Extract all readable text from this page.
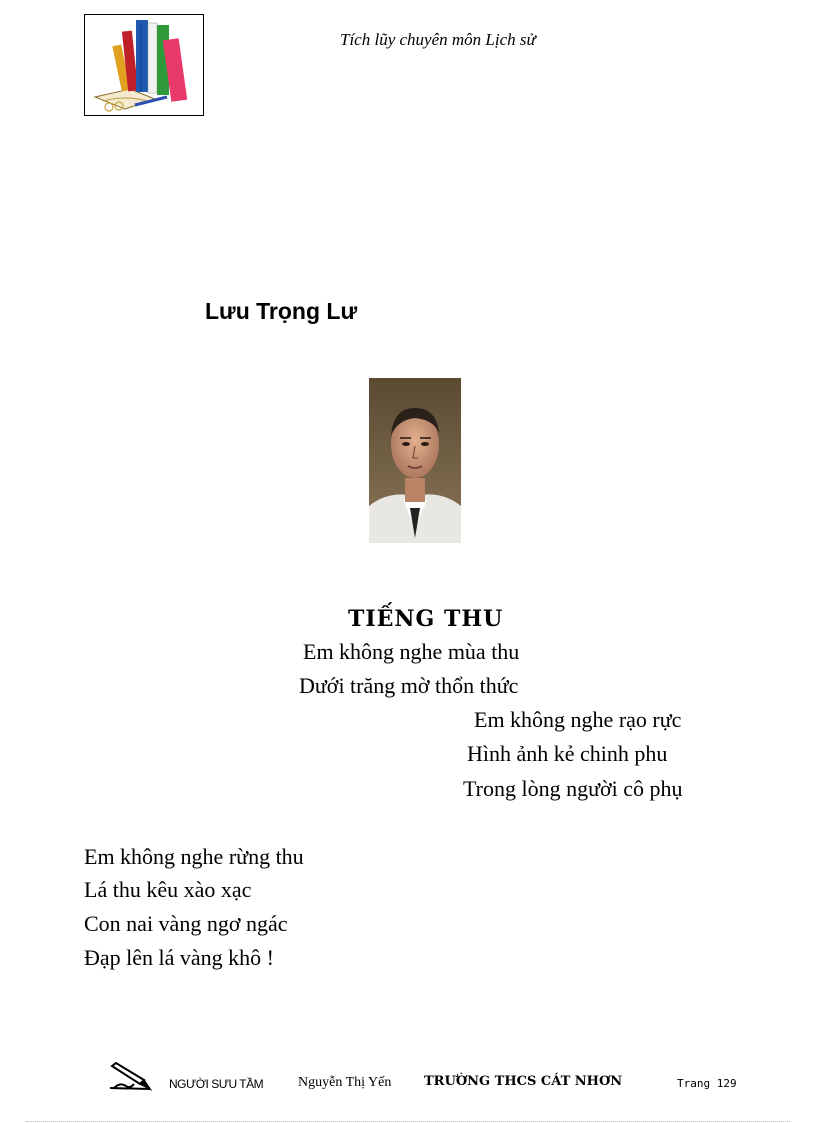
Tích lũy chuyên môn Lịch sử
Lưu Trọng Lư
TIẾNG THU
Em không nghe mùa thu
Dưới trăng mờ thổn thức
Em không nghe rạo rực
Hình ảnh kẻ chinh phu
Trong lòng người cô phụ
Em không nghe rừng thu
Lá thu kêu xào xạc
Con nai vàng ngơ ngác
Đạp lên lá vàng khô !
NGƯỜI SƯU TẦM Nguyễn Thị Yến	TRƯỜNG THCS CÁT NHƠN	Trang 129
